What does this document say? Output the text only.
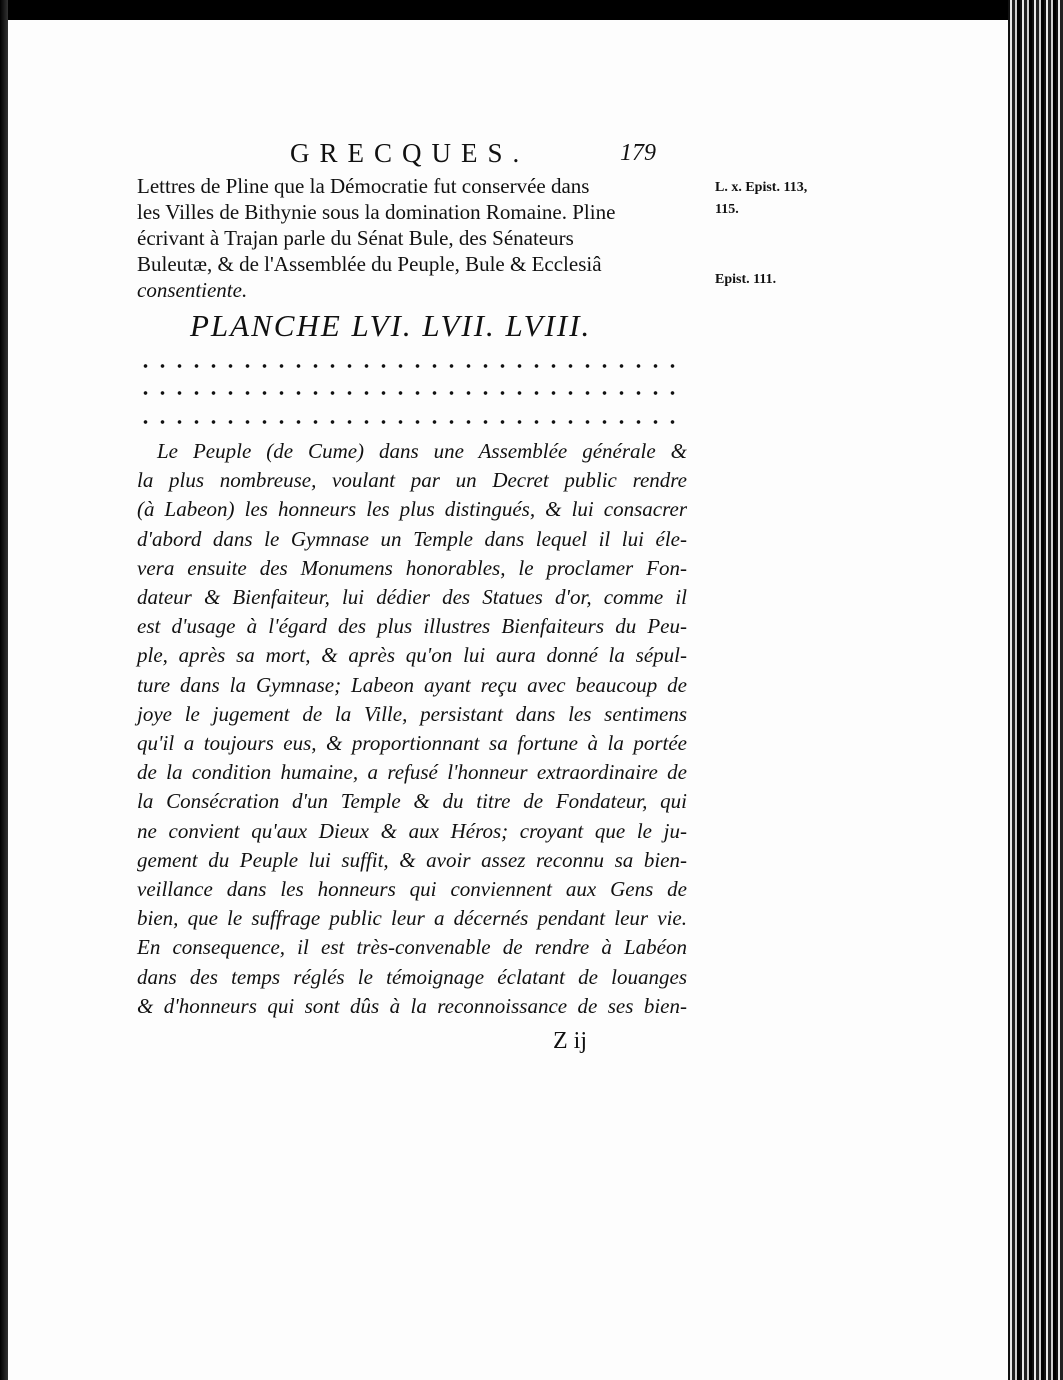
GRECQUES.	179
Lettres de Pline que la Démocratie fut conservée dans
les Villes de Bithynie sous la domination Romaine. Pline
écrivant à Trajan parle du Sénat Bule, des Sénateurs
Buleutæ, & de l'Assemblée du Peuple, Bule & Ecclesiâ
consentiente.
L. x. Epist. 113,
115.
Epist. 111.
PLANCHE LVI. LVII. LVIII.
Le Peuple (de Cume) dans une Assemblée générale &
la plus nombreuse, voulant par un Decret public rendre
(à Labeon) les honneurs les plus distingués, & lui consacrer
d'abord dans le Gymnase un Temple dans lequel il lui éle-
vera ensuite des Monumens honorables, le proclamer Fon-
dateur & Bienfaiteur, lui dédier des Statues d'or, comme il
est d'usage à l'égard des plus illustres Bienfaiteurs du Peu-
ple, après sa mort, & après qu'on lui aura donné la sépul-
ture dans la Gymnase; Labeon ayant reçu avec beaucoup de
joye le jugement de la Ville, persistant dans les sentimens
qu'il a toujours eus, & proportionnant sa fortune à la portée
de la condition humaine, a refusé l'honneur extraordinaire de
la Consécration d'un Temple & du titre de Fondateur, qui
ne convient qu'aux Dieux & aux Héros; croyant que le ju-
gement du Peuple lui suffit, & avoir assez reconnu sa bien-
veillance dans les honneurs qui conviennent aux Gens de
bien, que le suffrage public leur a décernés pendant leur vie.
En consequence, il est très-convenable de rendre à Labéon
dans des temps réglés le témoignage éclatant de louanges
& d'honneurs qui sont dûs à la reconnoissance de ses bien-
Z ij
